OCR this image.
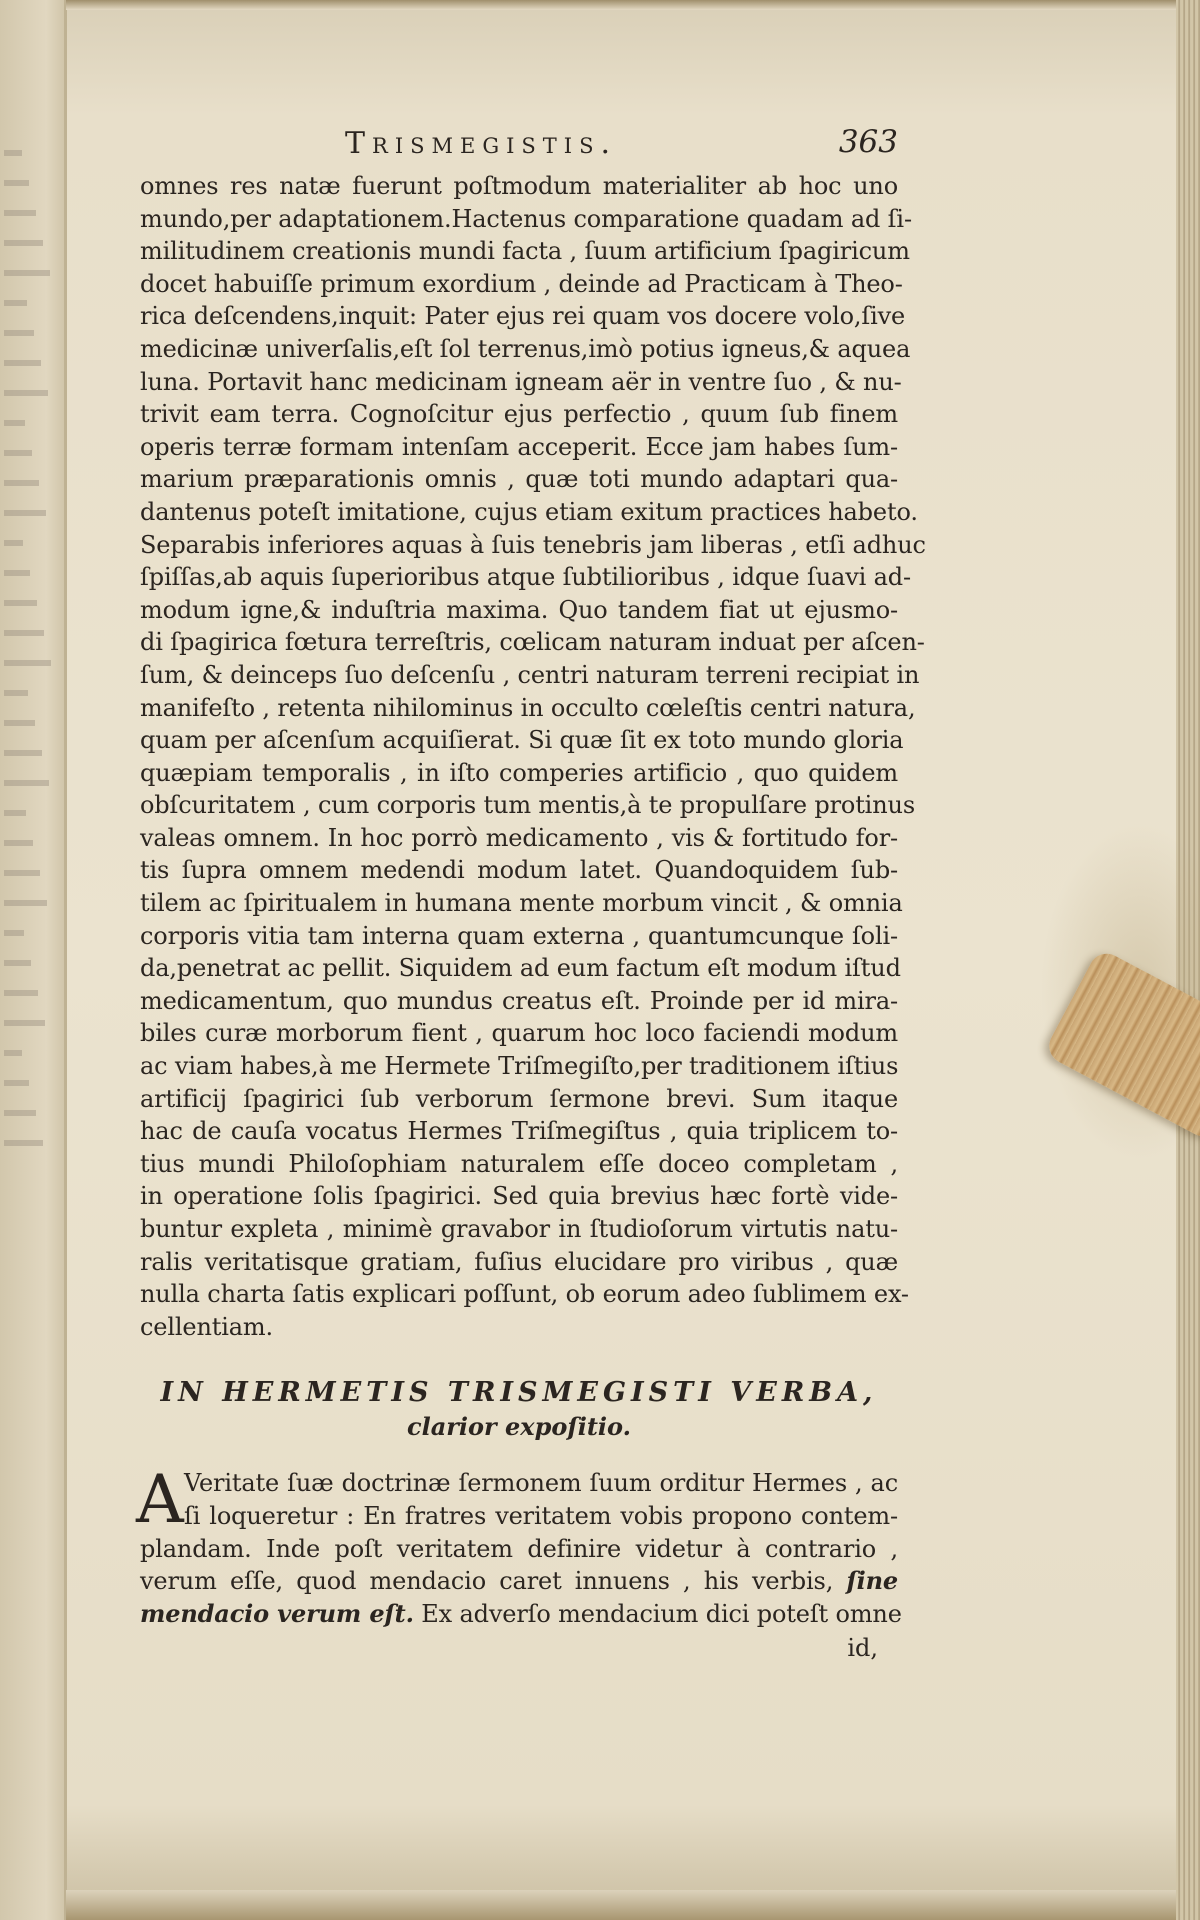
Trismegistis.	363
omnes res natæ fuerunt poſtmodum materialiter ab hoc uno
mundo,per adaptationem.Hactenus comparatione quadam ad ſi-
militudinem creationis mundi facta , ſuum artificium ſpagiricum
docet habuiſſe primum exordium , deinde ad Practicam à Theo-
rica deſcendens,inquit: Pater ejus rei quam vos docere volo,ſive
medicinæ univerſalis,eſt ſol terrenus,imò potius igneus,& aquea
luna. Portavit hanc medicinam igneam aër in ventre ſuo , & nu-
trivit eam terra. Cognoſcitur ejus perfectio , quum ſub finem
operis terræ formam intenſam acceperit. Ecce jam habes ſum-
marium præparationis omnis , quæ toti mundo adaptari qua-
dantenus poteſt imitatione, cujus etiam exitum practices habeto.
Separabis inferiores aquas à ſuis tenebris jam liberas , etſi adhuc
ſpiſſas,ab aquis ſuperioribus atque ſubtilioribus , idque ſuavi ad-
modum igne,& induſtria maxima. Quo tandem fiat ut ejusmo-
di ſpagirica fœtura terreſtris, cœlicam naturam induat per aſcen-
ſum, & deinceps ſuo deſcenſu , centri naturam terreni recipiat in
manifeſto , retenta nihilominus in occulto cœleſtis centri natura,
quam per aſcenſum acquiſierat. Si quæ ſit ex toto mundo gloria
quæpiam temporalis , in iſto comperies artificio , quo quidem
obſcuritatem , cum corporis tum mentis,à te propulſare protinus
valeas omnem. In hoc porrò medicamento , vis & fortitudo for-
tis ſupra omnem medendi modum latet. Quandoquidem ſub-
tilem ac ſpiritualem in humana mente morbum vincit , & omnia
corporis vitia tam interna quam externa , quantumcunque ſoli-
da,penetrat ac pellit. Siquidem ad eum factum eſt modum iſtud
medicamentum, quo mundus creatus eſt. Proinde per id mira-
biles curæ morborum fient , quarum hoc loco faciendi modum
ac viam habes,à me Hermete Triſmegiſto,per traditionem iſtius
artificij ſpagirici ſub verborum ſermone brevi. Sum itaque
hac de cauſa vocatus Hermes Triſmegiſtus , quia triplicem to-
tius mundi Philoſophiam naturalem eſſe doceo completam ,
in operatione ſolis ſpagirici. Sed quia brevius hæc fortè vide-
buntur expleta , minimè gravabor in ſtudioſorum virtutis natu-
ralis veritatisque gratiam, fuſius elucidare pro viribus , quæ
nulla charta ſatis explicari poſſunt, ob eorum adeo ſublimem ex-
cellentiam.
IN HERMETIS TRISMEGISTI VERBA,
clarior expoſitio.
A Veritate ſuæ doctrinæ ſermonem ſuum orditur Hermes , ac
ſi loqueretur : En fratres veritatem vobis propono contem-
plandam. Inde poſt veritatem definire videtur à contrario ,
verum eſſe, quod mendacio caret innuens , his verbis, ſine
mendacio verum eſt. Ex adverſo mendacium dici poteſt omne
id,
